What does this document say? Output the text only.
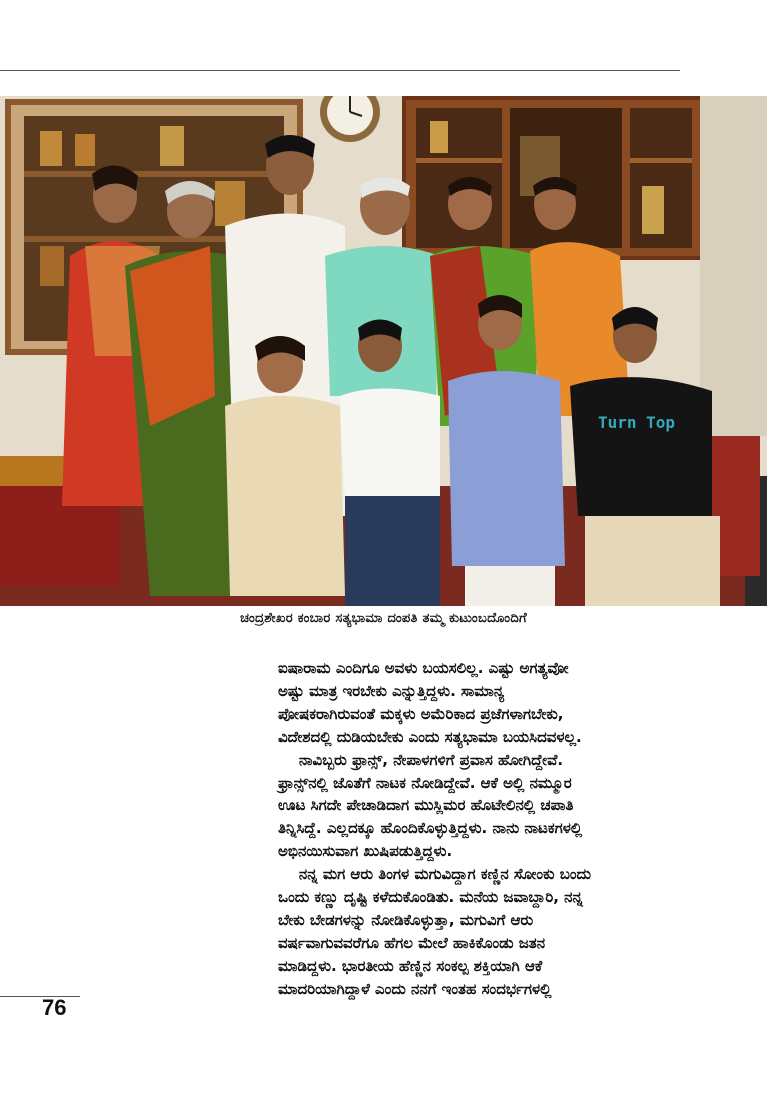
Turn Top
ಚಂದ್ರಶೇಖರ ಕಂಬಾರ ಸತ್ಯಭಾಮಾ ದಂಪತಿ ತಮ್ಮ ಕುಟುಂಬದೊಂದಿಗೆ

ಐಷಾರಾಮ ಎಂದಿಗೂ ಅವಳು ಬಯಸಲಿಲ್ಲ. ಎಷ್ಟು ಅಗತ್ಯವೋ

ಅಷ್ಟು ಮಾತ್ರ ಇರಬೇಕು ಎನ್ನುತ್ತಿದ್ದಳು. ಸಾಮಾನ್ಯ

ಪೋಷಕರಾಗಿರುವಂತೆ ಮಕ್ಕಳು ಅಮೆರಿಕಾದ ಪ್ರಜೆಗಳಾಗಬೇಕು,

ವಿದೇಶದಲ್ಲಿ ದುಡಿಯಬೇಕು ಎಂದು ಸತ್ಯಭಾಮಾ ಬಯಸಿದವಳಲ್ಲ.

ನಾವಿಬ್ಬರು ಫ್ರಾನ್ಸ್, ನೇಪಾಳಗಳಿಗೆ ಪ್ರವಾಸ ಹೋಗಿದ್ದೇವೆ.

ಫ್ರಾನ್ಸ್‌ನಲ್ಲಿ ಜೊತೆಗೆ ನಾಟಕ ನೋಡಿದ್ದೇವೆ. ಆಕೆ ಅಲ್ಲಿ ನಮ್ಮೂರ

ಊಟ ಸಿಗದೇ ಪೇಚಾಡಿದಾಗ ಮುಸ್ಲಿಮರ ಹೊಟೇಲಿನಲ್ಲಿ ಚಪಾತಿ

ತಿನ್ನಿಸಿದ್ದೆ. ಎಲ್ಲದಕ್ಕೂ ಹೊಂದಿಕೊಳ್ಳುತ್ತಿದ್ದಳು. ನಾನು ನಾಟಕಗಳಲ್ಲಿ

ಅಭಿನಯಿಸುವಾಗ ಖುಷಿಪಡುತ್ತಿದ್ದಳು.

ನನ್ನ ಮಗ ಆರು ತಿಂಗಳ ಮಗುವಿದ್ದಾಗ ಕಣ್ಣಿನ ಸೋಂಕು ಬಂದು

ಒಂದು ಕಣ್ಣು ದೃಷ್ಟಿ ಕಳೆದುಕೊಂಡಿತು. ಮನೆಯ ಜವಾಬ್ದಾರಿ, ನನ್ನ

ಬೇಕು ಬೇಡಗಳನ್ನು ನೋಡಿಕೊಳ್ಳುತ್ತಾ, ಮಗುವಿಗೆ ಆರು

ವರ್ಷವಾಗುವವರೆಗೂ ಹೆಗಲ ಮೇಲೆ ಹಾಕಿಕೊಂಡು ಜತನ

ಮಾಡಿದ್ದಳು. ಭಾರತೀಯ ಹೆಣ್ಣಿನ ಸಂಕಲ್ಪ ಶಕ್ತಿಯಾಗಿ ಆಕೆ

ಮಾದರಿಯಾಗಿದ್ದಾಳೆ ಎಂದು ನನಗೆ ಇಂತಹ ಸಂದರ್ಭಗಳಲ್ಲಿ

76
